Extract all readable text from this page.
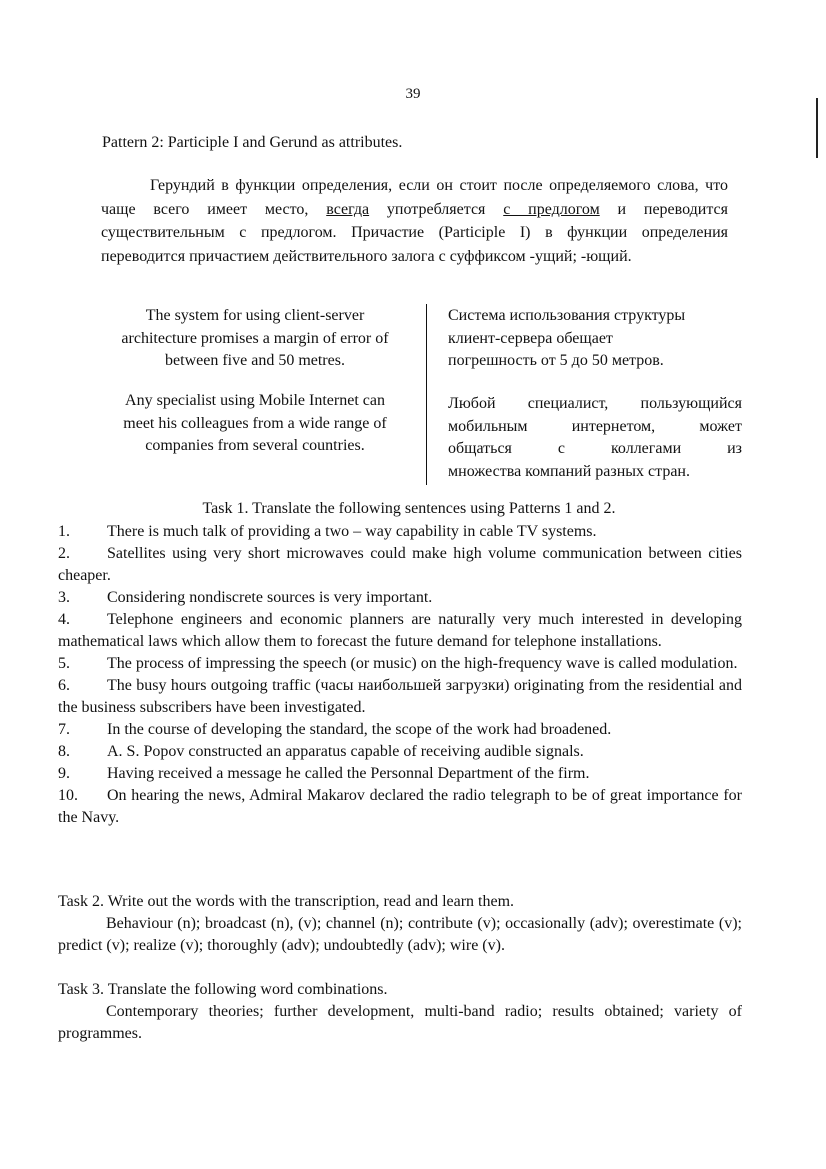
39
Pattern 2: Participle I and Gerund as attributes.

Герундий в функции определения, если он стоит после определяемого слова, что чаще всего имеет место, всегда употребляется с предлогом и переводится существительным с предлогом. Причастие (Participle I) в функции определения переводится причастием действительного залога с суффиксом -ущий; -ющий.

The system for using client-server architecture promises a margin of error of between five and 50 metres.
Система использования структуры
клиент-сервера обещает
погрешность от 5 до 50 метров.
Any specialist using Mobile Internet can meet his colleagues from a wide range of companies from several countries.
Любой специалист, пользующийся
мобильным интернетом, может
общаться с коллегами из
множества компаний разных стран.
Task 1. Translate the following sentences using Patterns 1 and 2.
1. There is much talk of providing a two – way capability in cable TV systems.
2. Satellites using very short microwaves could make high volume communication between cities cheaper.
3. Considering nondiscrete sources is very important.
4. Telephone engineers and economic planners are naturally very much interested in developing mathematical laws which allow them to forecast the future demand for telephone installations.
5. The process of impressing the speech (or music) on the high-frequency wave is called modulation.
6. The busy hours outgoing traffic (часы наибольшей загрузки) originating from the residential and the business subscribers have been investigated.
7. In the course of developing the standard, the scope of the work had broadened.
8. A. S. Popov constructed an apparatus capable of receiving audible signals.
9. Having received a message he called the Personnal Department of the firm.
10. On hearing the news, Admiral Makarov declared the radio telegraph to be of great importance for the Navy.
Task 2. Write out the words with the transcription, read and learn them.

Behaviour (n); broadcast (n), (v); channel (n); contribute (v); occasionally (adv); overestimate (v); predict (v); realize (v); thoroughly (adv); undoubtedly (adv); wire (v).

Task 3. Translate the following word combinations.

Contemporary theories; further development, multi-band radio; results obtained; variety of programmes.
